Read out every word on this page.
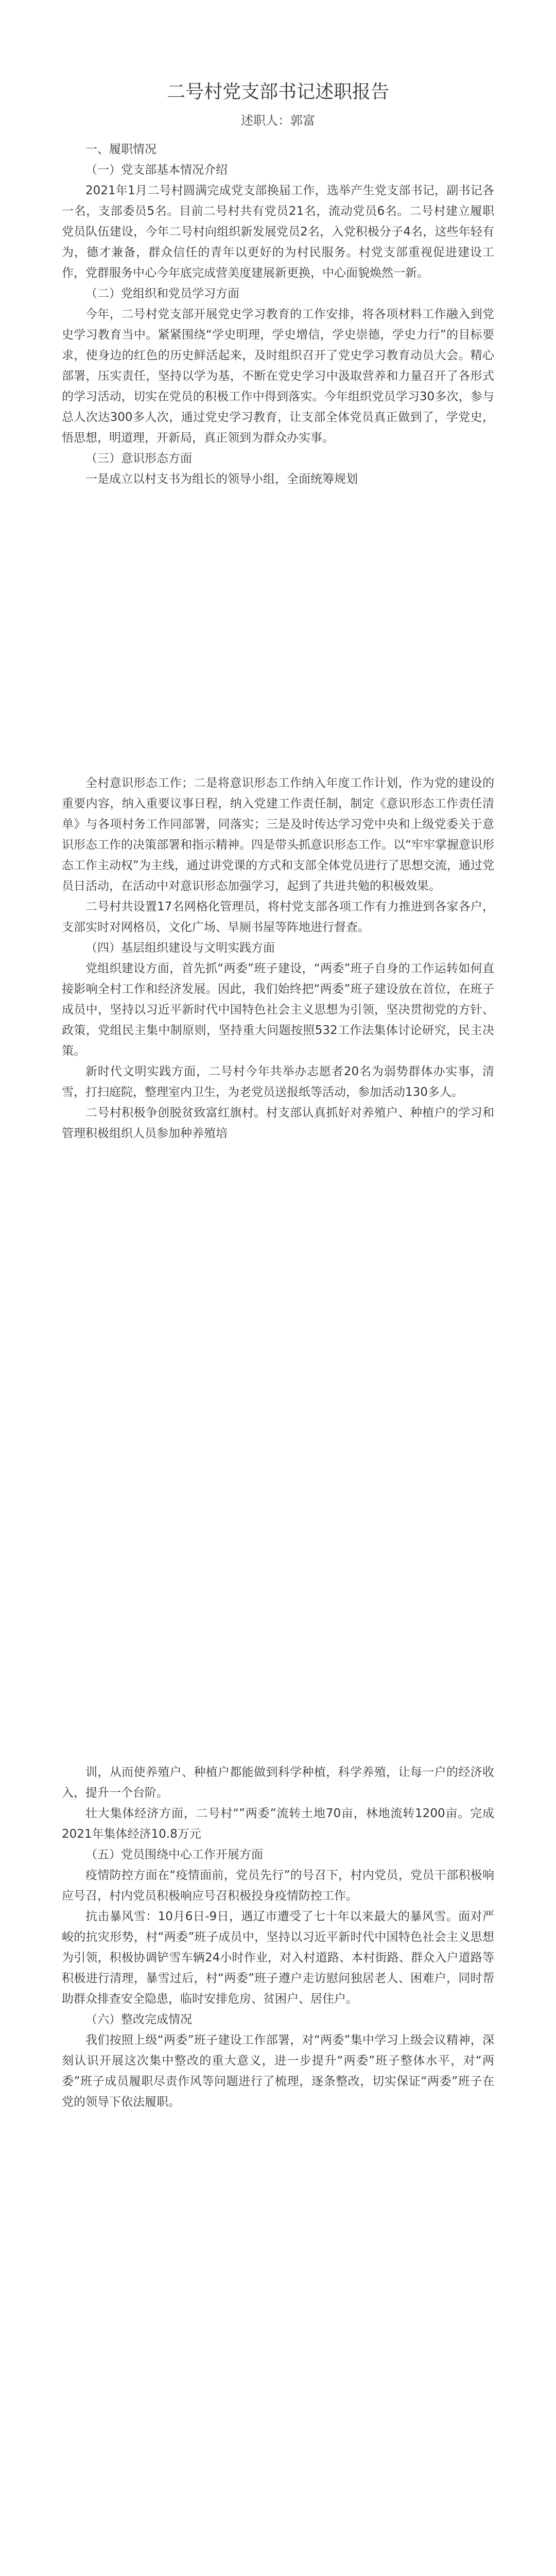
二号村党支部书记述职报告
述职人：郭富

一、履职情况

（一）党支部基本情况介绍

2021年1月二号村圆满完成党支部换届工作，选举产生党支部书记，副书记各一名，支部委员5名。目前二号村共有党员21名，流动党员6名。二号村建立履职党员队伍建设，今年二号村向组织新发展党员2名，入党积极分子4名，这些年轻有为，德才兼备，群众信任的青年以更好的为村民服务。村党支部重视促进建设工作，党群服务中心今年底完成营美度建展新更换，中心面貌焕然一新。

（二）党组织和党员学习方面

今年，二号村党支部开展党史学习教育的工作安排，将各项材料工作融入到党史学习教育当中。紧紧围绕“学史明理，学史增信，学史崇德，学史力行”的目标要求，使身边的红色的历史鲜活起来，及时组织召开了党史学习教育动员大会。精心部署，压实责任，坚持以学为基，不断在党史学习中汲取营养和力量召开了各形式的学习活动，切实在党员的积极工作中得到落实。今年组织党员学习30多次，参与总人次达300多人次，通过党史学习教育，让支部全体党员真正做到了，学党史，悟思想，明道理，开新局，真正领到为群众办实事。

（三）意识形态方面

一是成立以村支书为组长的领导小组，全面统筹规划

全村意识形态工作；二是将意识形态工作纳入年度工作计划，作为党的建设的重要内容，纳入重要议事日程，纳入党建工作责任制，制定《意识形态工作责任清单》与各项村务工作同部署，同落实；三是及时传达学习党中央和上级党委关于意识形态工作的决策部署和指示精神。四是带头抓意识形态工作。以“牢牢掌握意识形态工作主动权”为主线，通过讲党课的方式和支部全体党员进行了思想交流，通过党员日活动，在活动中对意识形态加强学习，起到了共进共勉的积极效果。

二号村共设置17名网格化管理员，将村党支部各项工作有力推进到各家各户，支部实时对网格员，文化广场、旱厕书屋等阵地进行督查。

（四）基层组织建设与文明实践方面

党组织建设方面，首先抓“两委”班子建设，“两委”班子自身的工作运转如何直接影响全村工作和经济发展。因此，我们始终把“两委”班子建设放在首位，在班子成员中，坚持以习近平新时代中国特色社会主义思想为引领，坚决贯彻党的方针、政策，党组民主集中制原则，坚持重大问题按照532工作法集体讨论研究，民主决策。

新时代文明实践方面，二号村今年共举办志愿者20名为弱势群体办实事，清雪，打扫庭院，整理室内卫生，为老党员送报纸等活动，参加活动130多人。

二号村积极争创脱贫致富红旗村。村支部认真抓好对养殖户、种植户的学习和管理积极组织人员参加种养殖培

训，从而使养殖户、种植户都能做到科学种植，科学养殖，让每一户的经济收入，提升一个台阶。

壮大集体经济方面，二号村“”两委”流转土地70亩，林地流转1200亩。完成2021年集体经济10.8万元

（五）党员围绕中心工作开展方面

疫情防控方面在“疫情面前，党员先行”的号召下，村内党员，党员干部积极响应号召，村内党员积极响应号召积极投身疫情防控工作。

抗击暴风雪：10月6日-9日，遇辽市遭受了七十年以来最大的暴风雪。面对严峻的抗灾形势，村“两委”班子成员中，坚持以习近平新时代中国特色社会主义思想为引领，积极协调铲雪车辆24小时作业，对入村道路、本村街路、群众入户道路等积极进行清理，暴雪过后，村“两委”班子遵户走访慰问独居老人、困难户，同时帮助群众排查安全隐患，临时安排危房、贫困户、居住户。

（六）整改完成情况

我们按照上级“两委”班子建设工作部署，对“两委”集中学习上级会议精神，深刻认识开展这次集中整改的重大意义，进一步提升“两委”班子整体水平，对“两委”班子成员履职尽责作风等问题进行了梳理，逐条整改，切实保证“两委”班子在党的领导下依法履职。
